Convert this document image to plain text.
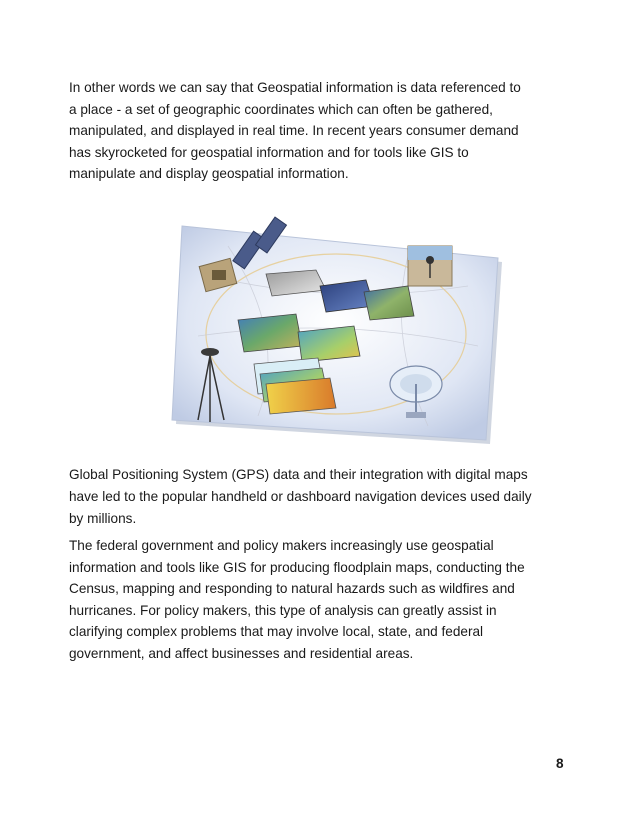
In other words we can say that Geospatial information is data referenced to
a place - a set of geographic coordinates which can often be gathered,
manipulated, and displayed in real time. In recent years consumer demand
has skyrocketed for geospatial information and for tools like GIS to
manipulate and display geospatial information.

Global Positioning System (GPS) data and their integration with digital maps
have led to the popular handheld or dashboard navigation devices used daily
by millions.

The federal government and policy makers increasingly use geospatial
information and tools like GIS for producing floodplain maps, conducting the
Census, mapping and responding to natural hazards such as wildfires and
hurricanes. For policy makers, this type of analysis can greatly assist in
clarifying complex problems that may involve local, state, and federal
government, and affect businesses and residential areas.

8
